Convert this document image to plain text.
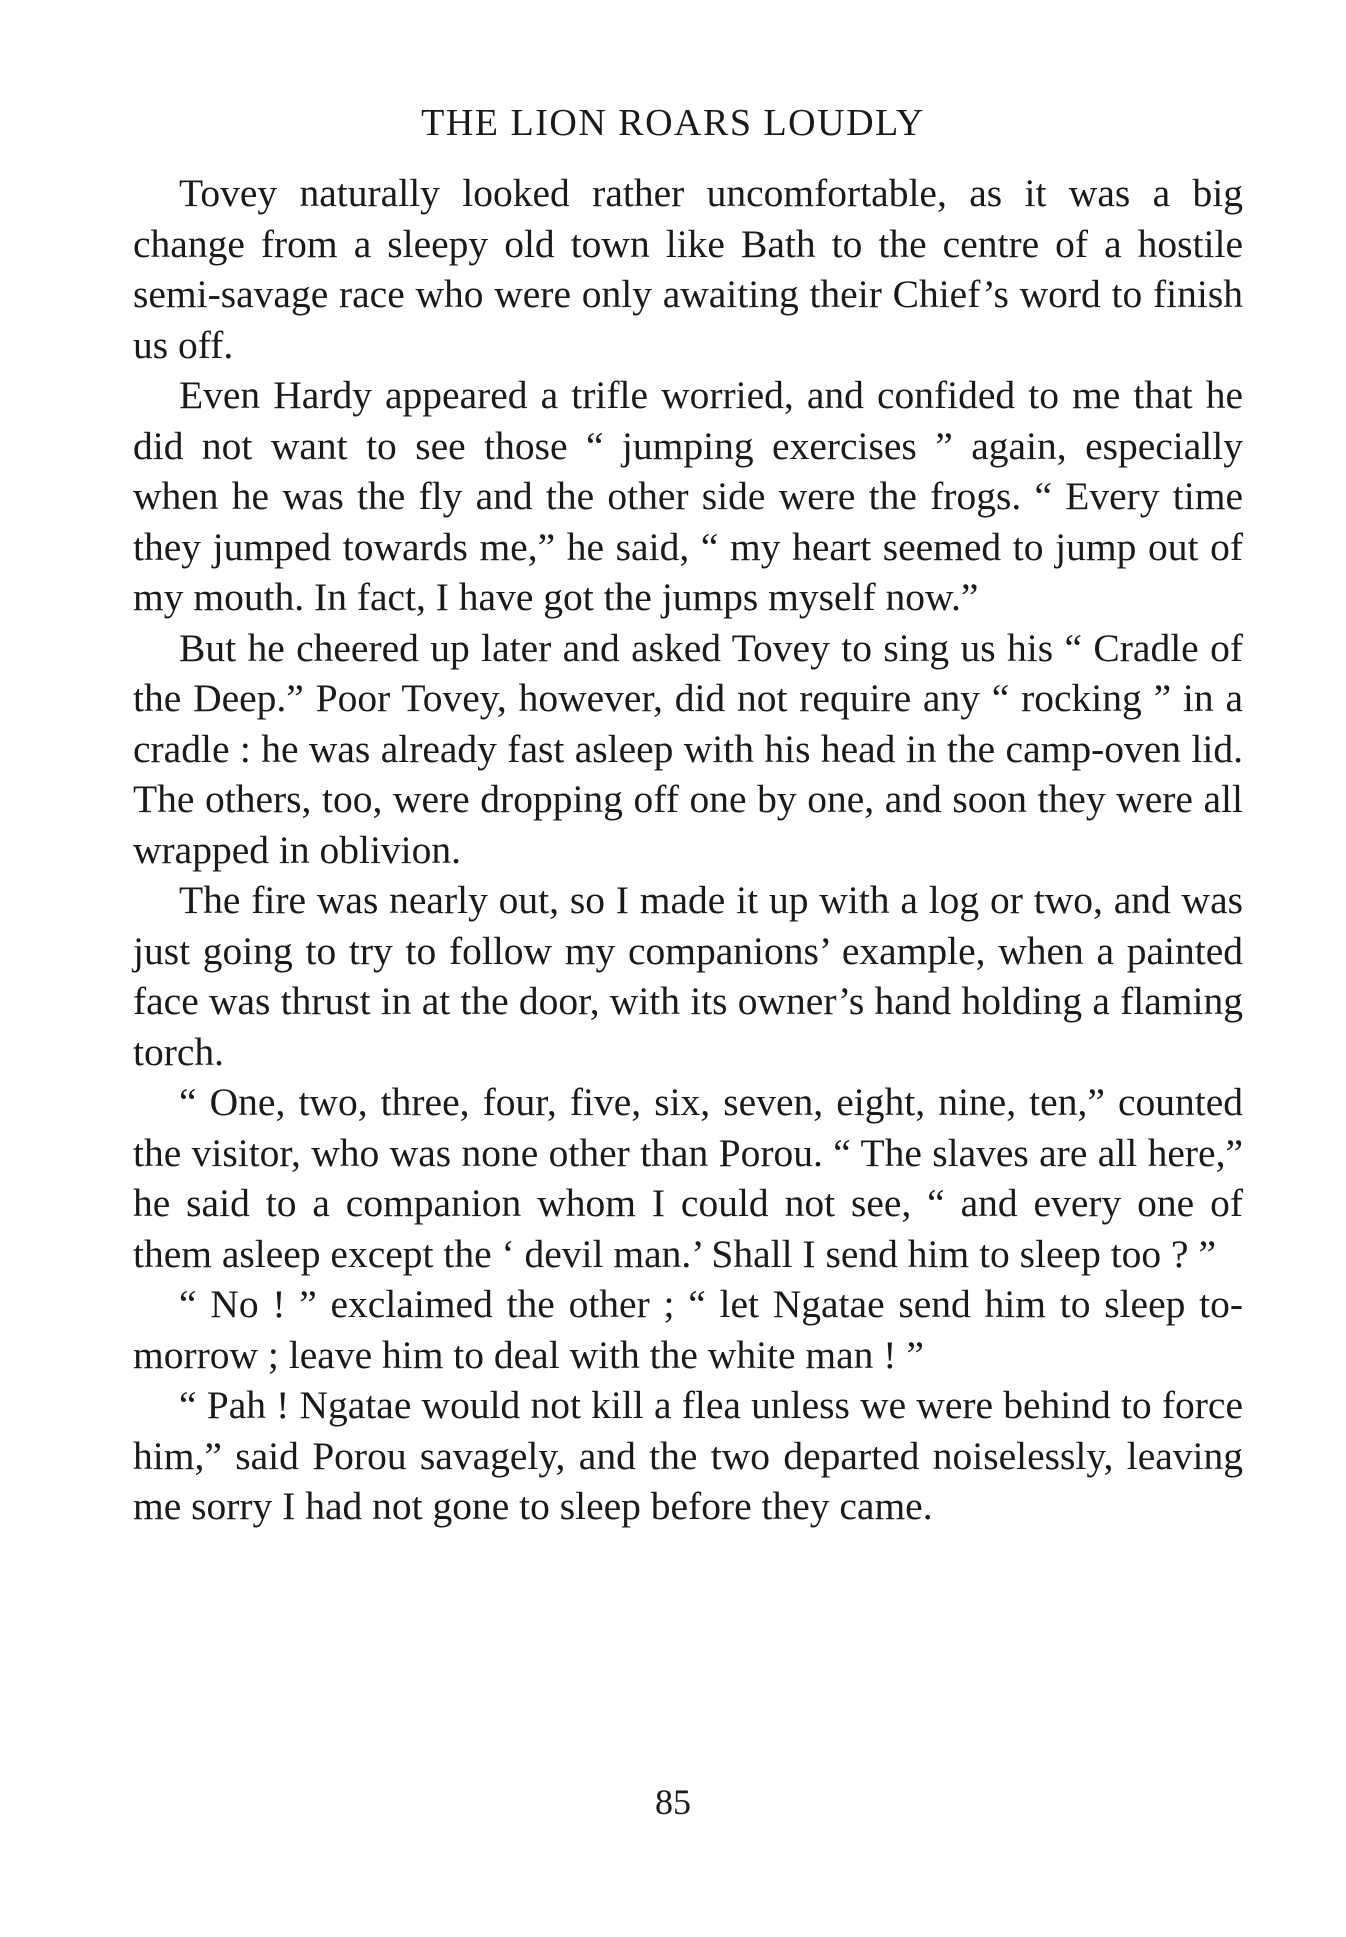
THE LION ROARS LOUDLY

Tovey naturally looked rather uncomfortable, as it was a big change from a sleepy old town like Bath to the centre of a hostile semi-savage race who were only awaiting their Chief’s word to finish us off.

Even Hardy appeared a trifle worried, and confided to me that he did not want to see those “ jumping exercises ” again, especially when he was the fly and the other side were the frogs. “ Every time they jumped towards me,” he said, “ my heart seemed to jump out of my mouth. In fact, I have got the jumps myself now.”

But he cheered up later and asked Tovey to sing us his “ Cradle of the Deep.” Poor Tovey, however, did not require any “ rocking ” in a cradle : he was already fast asleep with his head in the camp-oven lid. The others, too, were dropping off one by one, and soon they were all wrapped in oblivion.

The fire was nearly out, so I made it up with a log or two, and was just going to try to follow my companions’ example, when a painted face was thrust in at the door, with its owner’s hand holding a flaming torch.

“ One, two, three, four, five, six, seven, eight, nine, ten,” counted the visitor, who was none other than Porou. “ The slaves are all here,” he said to a companion whom I could not see, “ and every one of them asleep except the ‘ devil man.’ Shall I send him to sleep too ? ”

“ No ! ” exclaimed the other ; “ let Ngatae send him to sleep to-morrow ; leave him to deal with the white man ! ”

“ Pah ! Ngatae would not kill a flea unless we were behind to force him,” said Porou savagely, and the two departed noiselessly, leaving me sorry I had not gone to sleep before they came.

85
